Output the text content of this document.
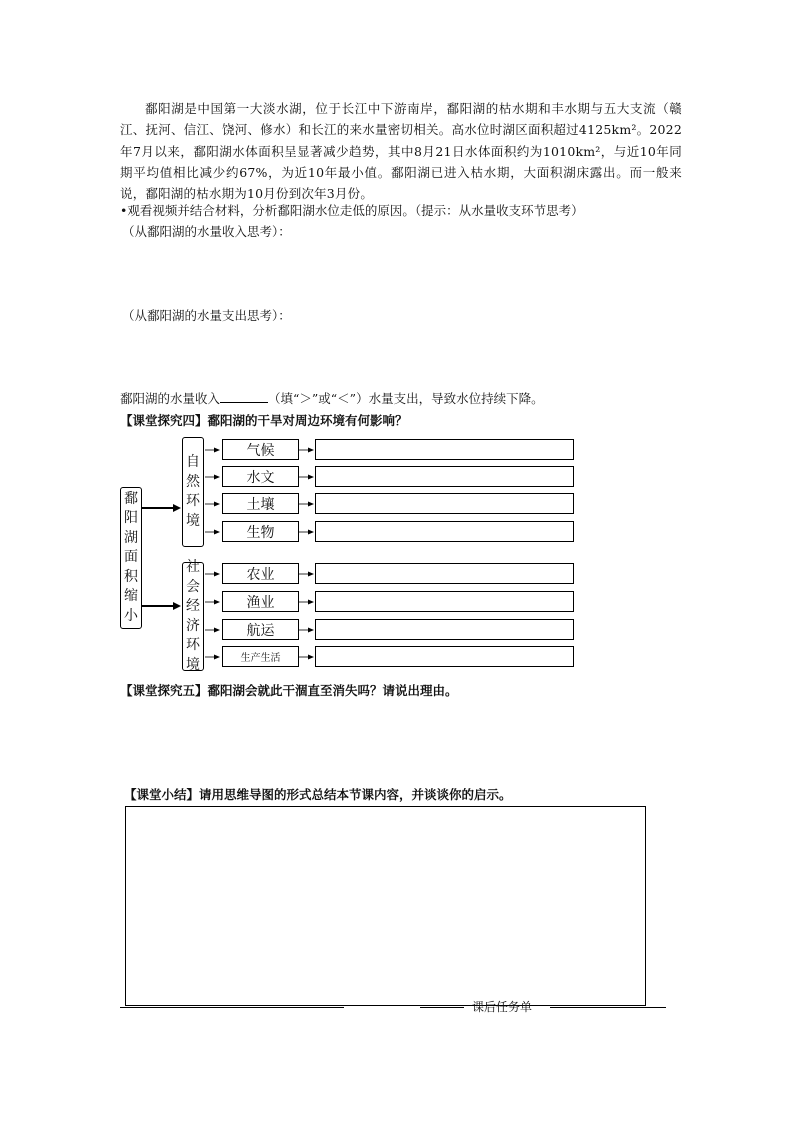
鄱阳湖是中国第一大淡水湖，位于长江中下游南岸，鄱阳湖的枯水期和丰水期与五大支流（赣江、抚河、信江、饶河、修水）和长江的来水量密切相关。高水位时湖区面积超过4125km²。2022年7月以来，鄱阳湖水体面积呈显著减少趋势，其中8月21日水体面积约为1010km²，与近10年同期平均值相比减少约67%，为近10年最小值。鄱阳湖已进入枯水期，大面积湖床露出。而一般来说，鄱阳湖的枯水期为10月份到次年3月份。

•观看视频并结合材料，分析鄱阳湖水位走低的原因。（提示：从水量收支环节思考）
（从鄱阳湖的水量收入思考）：
（从鄱阳湖的水量支出思考）：
鄱阳湖的水量收入	（填“＞”或“＜”）水量支出，导致水位持续下降。
【课堂探究四】鄱阳湖的干旱对周边环境有何影响？
鄱
阳
湖
面
积
缩
小
自
然
环
境
社
会
经
济
环
境
气候
水文
土壤
生物
农业
渔业
航运
生产生活
【课堂探究五】鄱阳湖会就此干涸直至消失吗？请说出理由。
【课堂小结】请用思维导图的形式总结本节课内容，并谈谈你的启示。
课后任务单
